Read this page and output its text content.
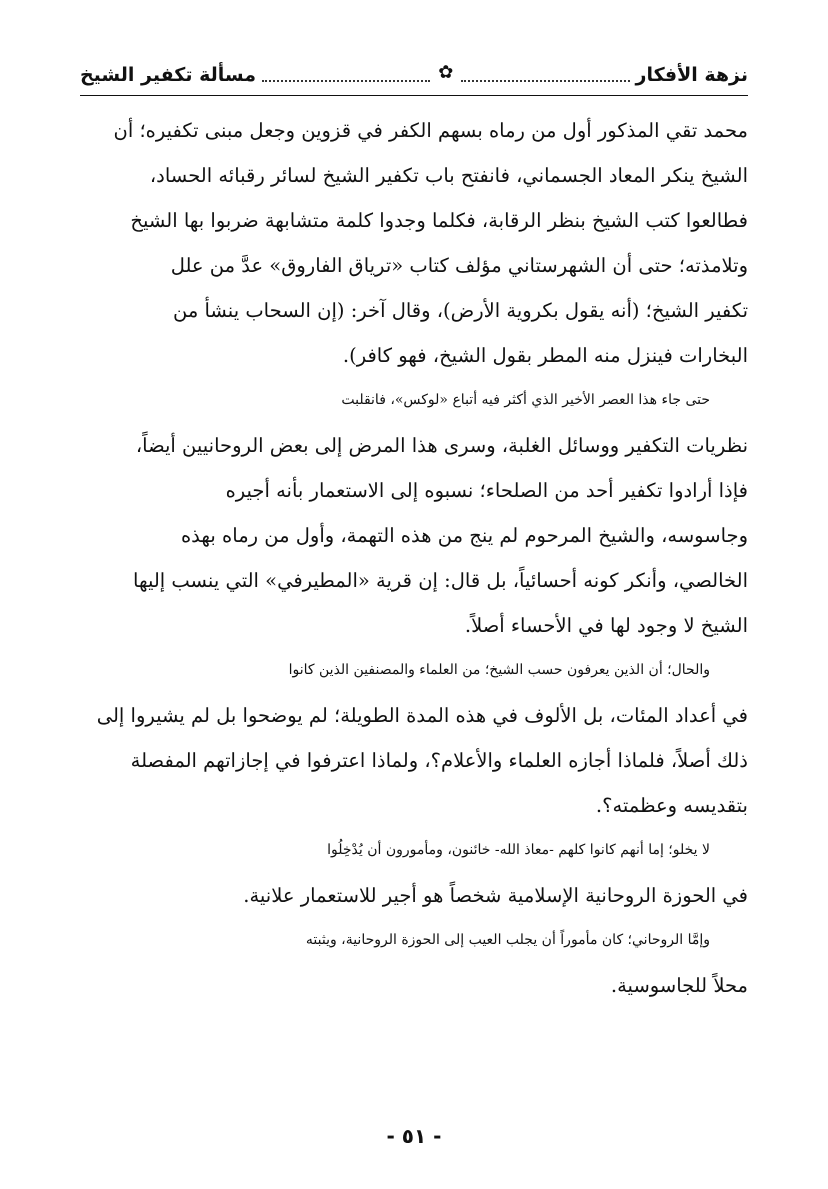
نزهة الأفكار
✿
مسألة تكفير الشيخ
محمد تقي المذكور أول من رماه بسهم الكفر في قزوين وجعل مبنى تكفيره؛ أن
الشيخ ينكر المعاد الجسماني، فانفتح باب تكفير الشيخ لسائر رقبائه الحساد،
فطالعوا كتب الشيخ بنظر الرقابة، فكلما وجدوا كلمة متشابهة ضربوا بها الشيخ
وتلامذته؛ حتى أن الشهرستاني مؤلف كتاب «ترياق الفاروق» عدَّ من علل
تكفير الشيخ؛ (أنه يقول بكروية الأرض)، وقال آخر: (إن السحاب ينشأ من
البخارات فينزل منه المطر بقول الشيخ، فهو كافر).
حتى جاء هذا العصر الأخير الذي أكثر فيه أتباع «لوكس»، فانقلبت
نظريات التكفير ووسائل الغلبة، وسرى هذا المرض إلى بعض الروحانيين أيضاً،
فإذا أرادوا تكفير أحد من الصلحاء؛ نسبوه إلى الاستعمار بأنه أجيره
وجاسوسه، والشيخ المرحوم لم ينج من هذه التهمة، وأول من رماه بهذه
الخالصي، وأنكر كونه أحسائياً، بل قال: إن قرية «المطيرفي» التي ينسب إليها
الشيخ لا وجود لها في الأحساء أصلاً.
والحال؛ أن الذين يعرفون حسب الشيخ؛ من العلماء والمصنفين الذين كانوا
في أعداد المئات، بل الألوف في هذه المدة الطويلة؛ لم يوضحوا بل لم يشيروا إلى
ذلك أصلاً، فلماذا أجازه العلماء والأعلام؟، ولماذا اعترفوا في إجازاتهم المفصلة
بتقديسه وعظمته؟.
لا يخلو؛ إما أنهم كانوا كلهم -معاذ الله- خائنون، ومأمورون أن يُدْخِلُوا
في الحوزة الروحانية الإسلامية شخصاً هو أجير للاستعمار علانية.
وإمَّا الروحاني؛ كان مأموراً أن يجلب العيب إلى الحوزة الروحانية، ويثبته
محلاً للجاسوسية.
- ٥١ -
